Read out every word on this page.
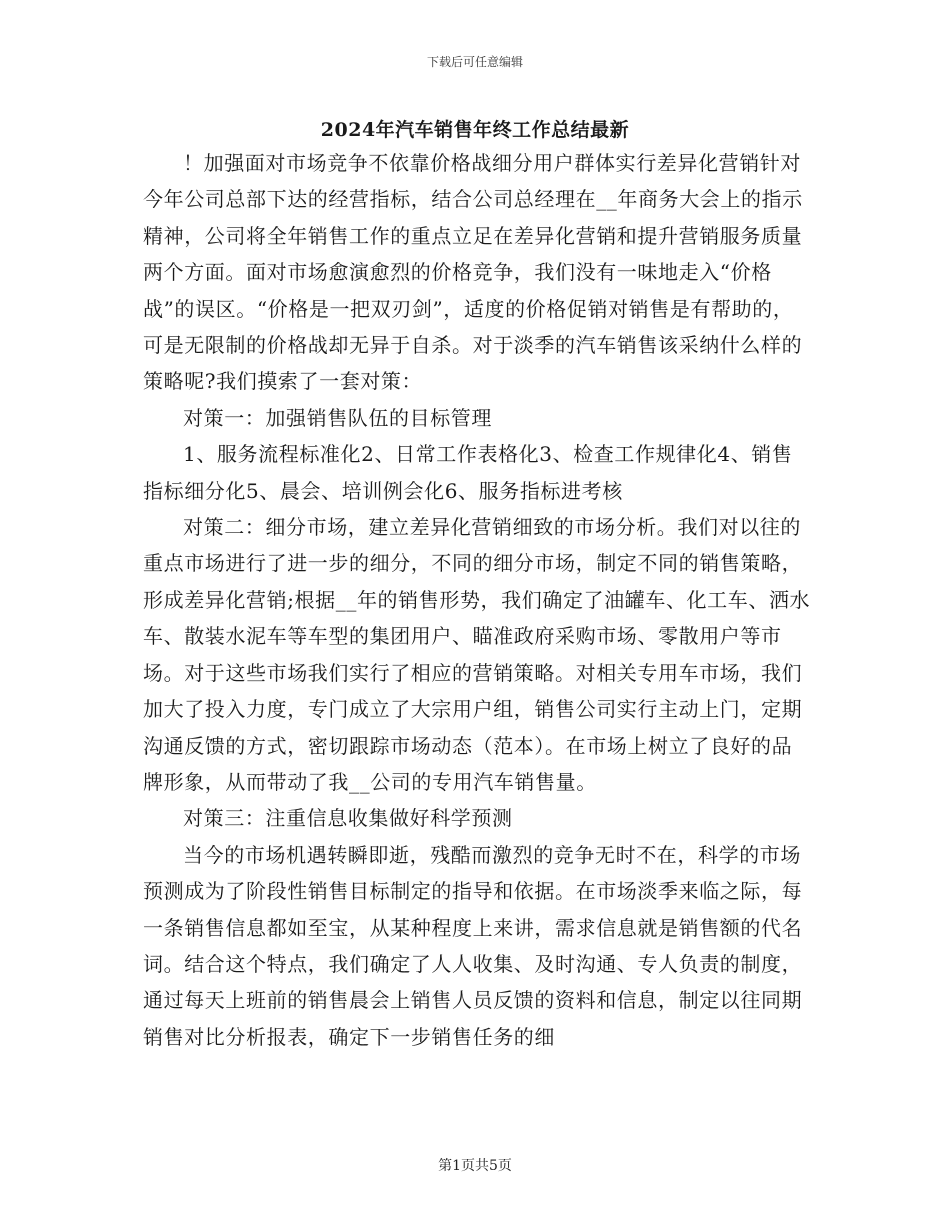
下载后可任意编辑
2024年汽车销售年终工作总结最新

！加强面对市场竞争不依靠价格战细分用户群体实行差异化营销针对今年公司总部下达的经营指标，结合公司总经理在__年商务大会上的指示精神，公司将全年销售工作的重点立足在差异化营销和提升营销服务质量两个方面。面对市场愈演愈烈的价格竞争，我们没有一味地走入“价格战”的误区。“价格是一把双刃剑”，适度的价格促销对销售是有帮助的，可是无限制的价格战却无异于自杀。对于淡季的汽车销售该采纳什么样的策略呢?我们摸索了一套对策：

对策一：加强销售队伍的目标管理

1、服务流程标准化2、日常工作表格化3、检查工作规律化4、销售指标细分化5、晨会、培训例会化6、服务指标进考核

对策二：细分市场，建立差异化营销细致的市场分析。我们对以往的重点市场进行了进一步的细分，不同的细分市场，制定不同的销售策略，形成差异化营销;根据__年的销售形势，我们确定了油罐车、化工车、洒水车、散装水泥车等车型的集团用户、瞄准政府采购市场、零散用户等市场。对于这些市场我们实行了相应的营销策略。对相关专用车市场，我们加大了投入力度，专门成立了大宗用户组，销售公司实行主动上门，定期沟通反馈的方式，密切跟踪市场动态（范本）。在市场上树立了良好的品牌形象，从而带动了我__公司的专用汽车销售量。

对策三：注重信息收集做好科学预测

当今的市场机遇转瞬即逝，残酷而激烈的竞争无时不在，科学的市场预测成为了阶段性销售目标制定的指导和依据。在市场淡季来临之际，每一条销售信息都如至宝，从某种程度上来讲，需求信息就是销售额的代名词。结合这个特点，我们确定了人人收集、及时沟通、专人负责的制度，通过每天上班前的销售晨会上销售人员反馈的资料和信息，制定以往同期销售对比分析报表，确定下一步销售任务的细

第1页共5页
